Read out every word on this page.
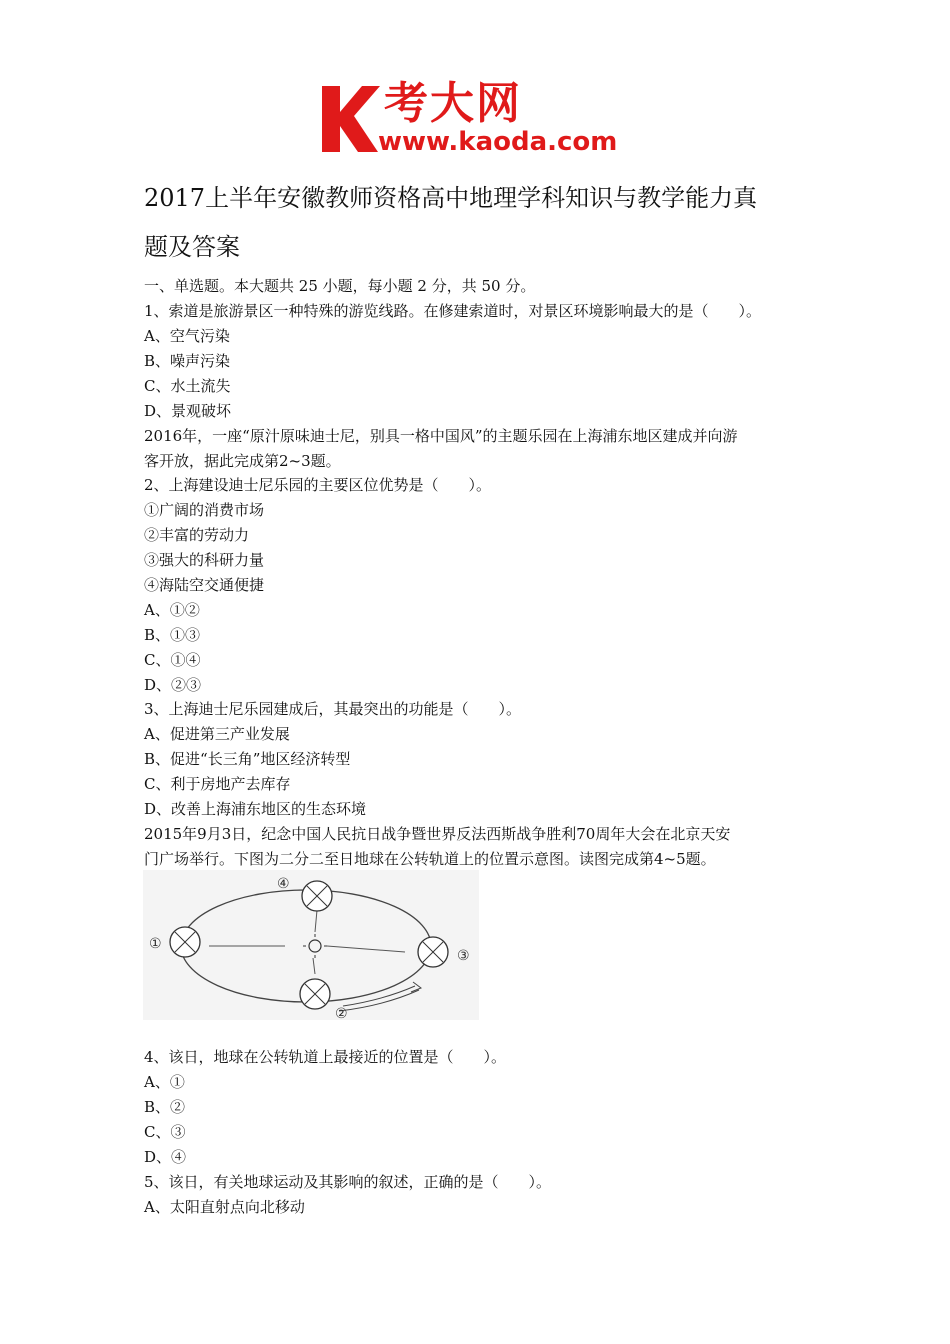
考大网
www.kaoda.com
2017上半年安徽教师资格高中地理学科知识与教学能力真
题及答案
一、单选题。本大题共 25 小题，每小题 2 分，共 50 分。
1、索道是旅游景区一种特殊的游览线路。在修建索道时，对景区环境影响最大的是（　　）。
A、空气污染
B、噪声污染
C、水土流失
D、景观破坏
2016年，一座“原汁原味迪士尼，别具一格中国风”的主题乐园在上海浦东地区建成并向游
客开放，据此完成第2~3题。
2、上海建设迪士尼乐园的主要区位优势是（　　）。
①广阔的消费市场
②丰富的劳动力
③强大的科研力量
④海陆空交通便捷
A、①②
B、①③
C、①④
D、②③
3、上海迪士尼乐园建成后，其最突出的功能是（　　）。
A、促进第三产业发展
B、促进“长三角”地区经济转型
C、利于房地产去库存
D、改善上海浦东地区的生态环境
2015年9月3日，纪念中国人民抗日战争暨世界反法西斯战争胜利70周年大会在北京天安
门广场举行。下图为二分二至日地球在公转轨道上的位置示意图。读图完成第4~5题。
①
②
③
④
4、该日，地球在公转轨道上最接近的位置是（　　）。
A、①
B、②
C、③
D、④
5、该日，有关地球运动及其影响的叙述，正确的是（　　）。
A、太阳直射点向北移动
